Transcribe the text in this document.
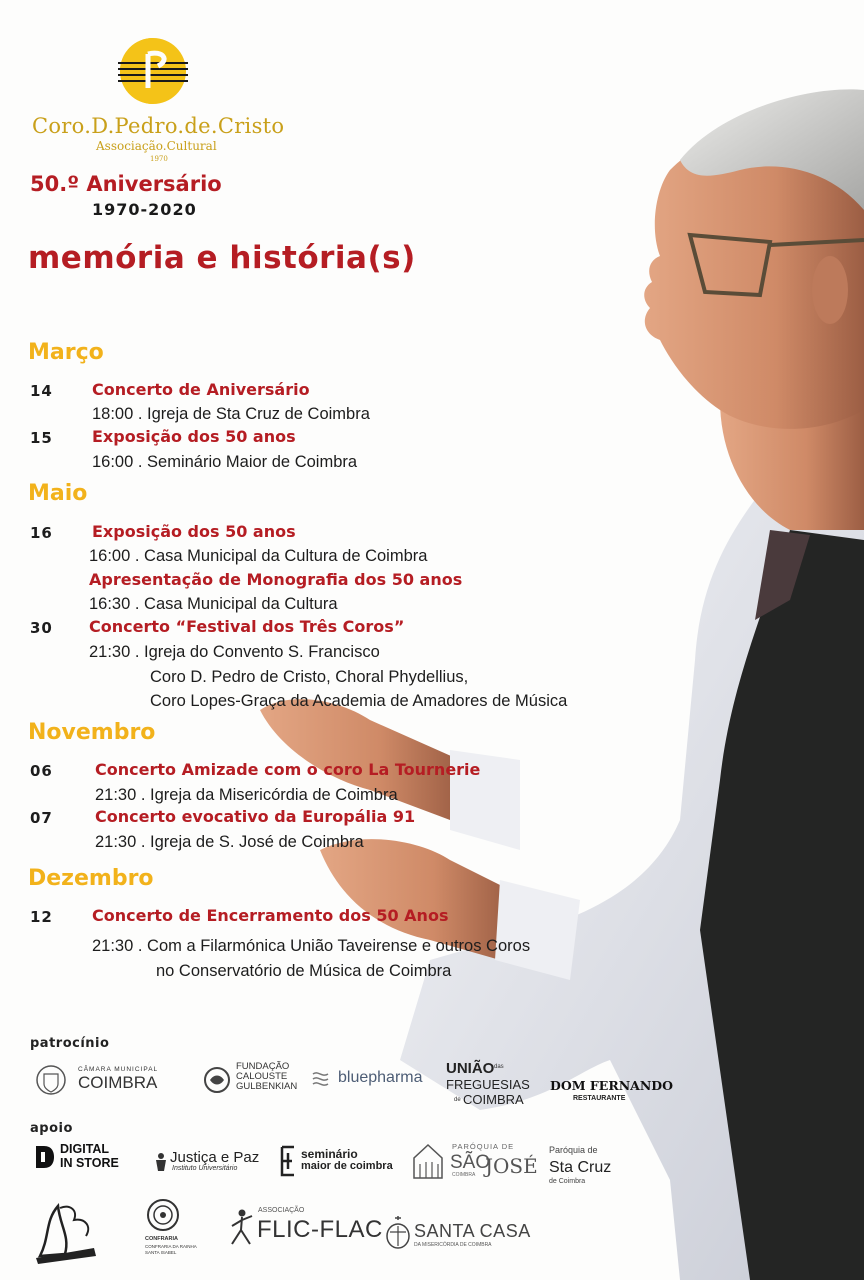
Coro.D.Pedro.de.Cristo
Associação.Cultural
1970
50.º Aniversário
1970-2020
memória e história(s)
Março
14 Concerto de Aniversário
18:00 . Igreja de Sta Cruz de Coimbra
15 Exposição dos 50 anos
16:00 . Seminário Maior de Coimbra
Maio
16 Exposição dos 50 anos
16:00 . Casa Municipal da Cultura de Coimbra
Apresentação de Monografia dos 50 anos
16:30 . Casa Municipal da Cultura
30 Concerto “Festival dos Três Coros”
21:30 . Igreja do Convento S. Francisco
Coro D. Pedro de Cristo, Choral Phydellius,
Coro Lopes-Graça da Academia de Amadores de Música
Novembro
06	Concerto Amizade com o coro La Tournerie
21:30 . Igreja da Misericórdia de Coimbra
07	Concerto evocativo da Europália 91
21:30 . Igreja de S. José de Coimbra
Dezembro
12 Concerto de Encerramento dos 50 Anos
21:30 . Com a Filarmónica União Taveirense e outros Coros
no Conservatório de Música de Coimbra
patrocínio
CÂMARA MUNICIPAL
COIMBRA
FUNDAÇÃO
CALOUSTE
GULBENKIAN
bluepharma
UNIÃO das
FREGUESIAS
de COIMBRA
DOM FERNANDO
RESTAURANTE
apoio
DIGITAL
IN STORE	Justiça e Paz
Instituto Universitário
seminário
maior de coimbra
PARÓQUIA DE
SÃO
JOSÉ
COIMBRA
Paróquia de
Sta Cruz
de Coimbra
CONFRARIA
CONFRARIA DA RAINHA SANTA ISABEL
ASSOCIAÇÃO
FLIC-FLAC SANTA CASA
DA MISERICÓRDIA DE COIMBRA
